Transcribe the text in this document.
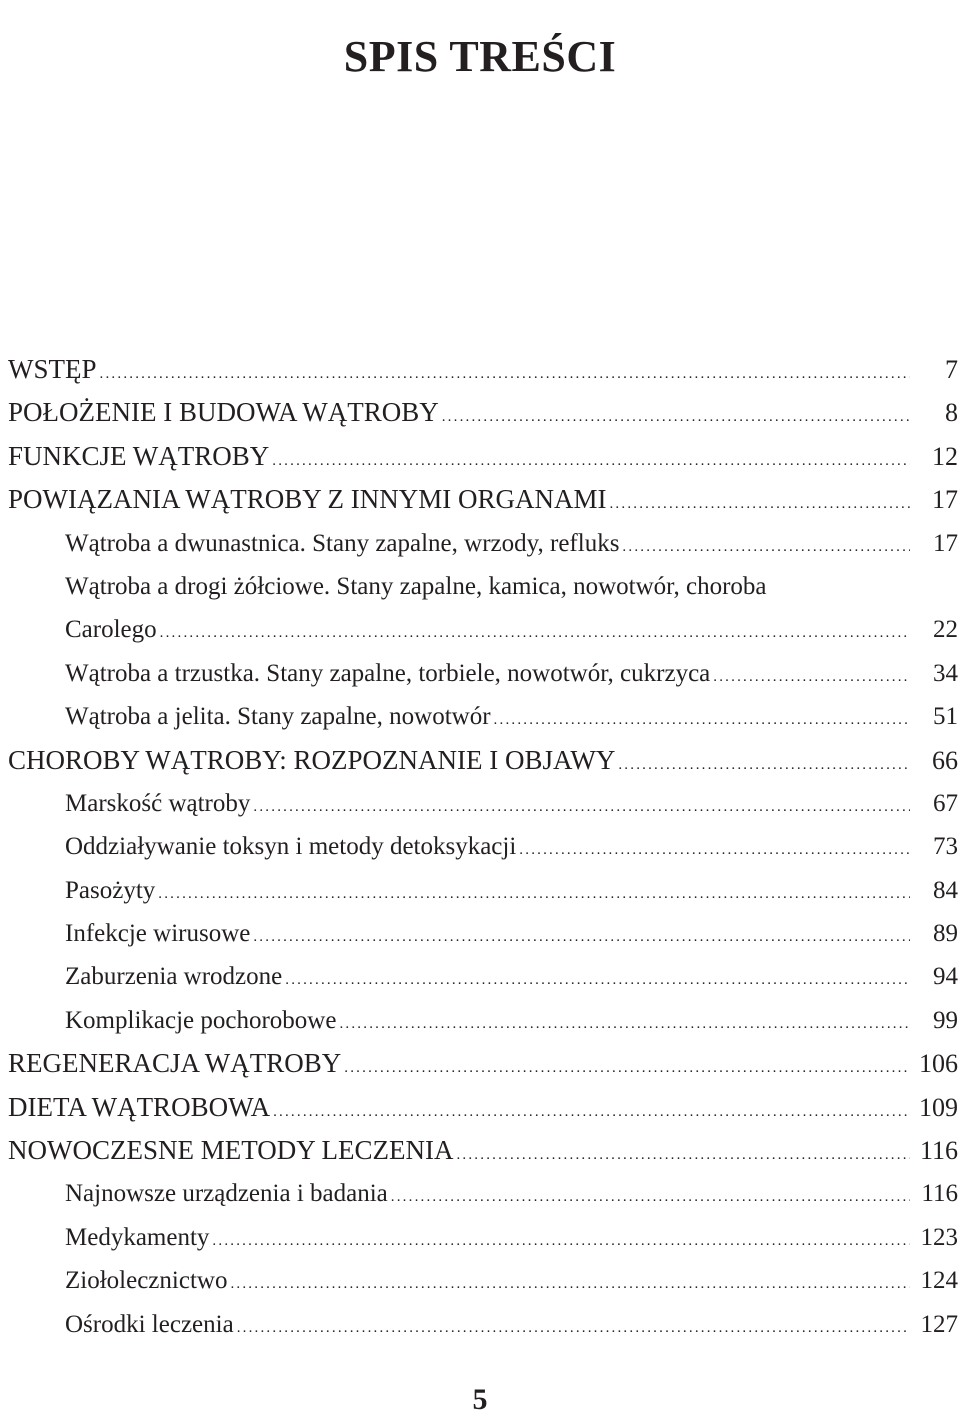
SPIS TREŚCI
WSTĘP .....	7
POŁOŻENIE I BUDOWA WĄTROBY .....	8
FUNKCJE WĄTROBY .....	12
POWIĄZANIA WĄTROBY Z INNYMI ORGANAMI .....	17
Wątroba a dwunastnica. Stany zapalne, wrzody, refluks .....	17
Wątroba a drogi żółciowe. Stany zapalne, kamica, nowotwór, choroba
Carolego .....	22
Wątroba a trzustka. Stany zapalne, torbiele, nowotwór, cukrzyca .....	34
Wątroba a jelita. Stany zapalne, nowotwór .....	51
CHOROBY WĄTROBY: ROZPOZNANIE I OBJAWY .....	66
Marskość wątroby .....	67
Oddziaływanie toksyn i metody detoksykacji .....	73
Pasożyty .....	84
Infekcje wirusowe .....	89
Zaburzenia wrodzone .....	94
Komplikacje pochorobowe .....	99
REGENERACJA WĄTROBY .....	106
DIETA WĄTROBOWA .....	109
NOWOCZESNE METODY LECZENIA .....	116
Najnowsze urządzenia i badania .....	116
Medykamenty .....	123
Ziołolecznictwo .....	124
Ośrodki leczenia .....	127
5
